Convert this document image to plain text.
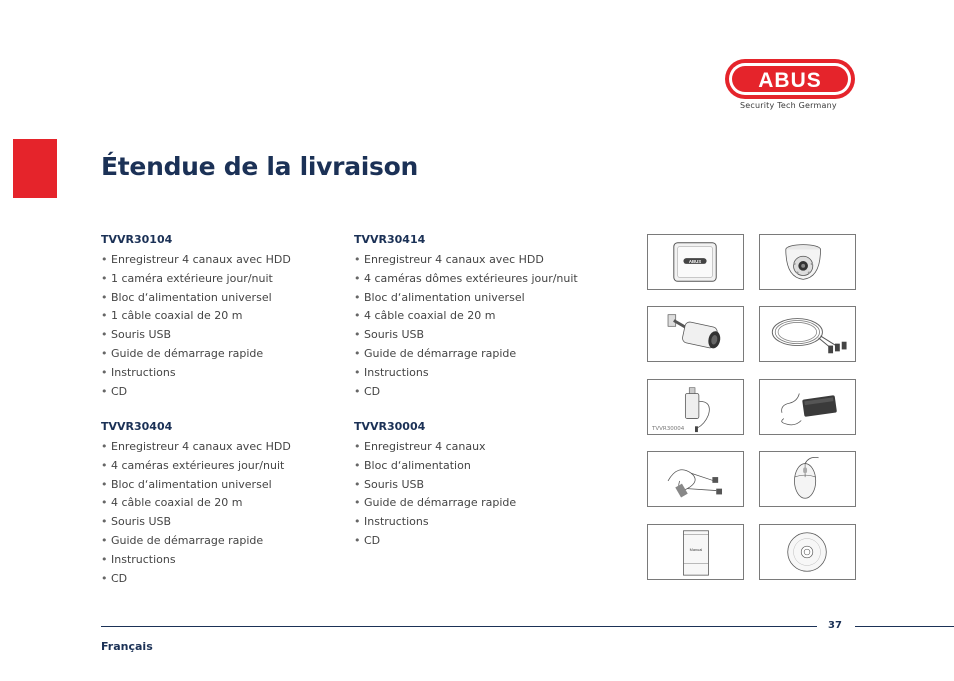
ABUS
Security Tech Germany
Étendue de la livraison
TVVR30104
• Enregistreur 4 canaux avec HDD
• 1 caméra extérieure jour/nuit
• Bloc d‘alimentation universel
• 1 câble coaxial de 20 m
• Souris USB
• Guide de démarrage rapide
• Instructions
• CD
TVVR30414
• Enregistreur 4 canaux avec HDD
• 4 caméras dômes extérieures jour/nuit
• Bloc d‘alimentation universel
• 4 câble coaxial de 20 m
• Souris USB
• Guide de démarrage rapide
• Instructions
• CD
TVVR30404
• Enregistreur 4 canaux avec HDD
• 4 caméras extérieures jour/nuit
• Bloc d‘alimentation universel
• 4 câble coaxial de 20 m
• Souris USB
• Guide de démarrage rapide
• Instructions
• CD
TVVR30004
• Enregistreur 4 canaux
• Bloc d‘alimentation
• Souris USB
• Guide de démarrage rapide
• Instructions
• CD
ABUS
TVVR30004
Manual
37
Français
